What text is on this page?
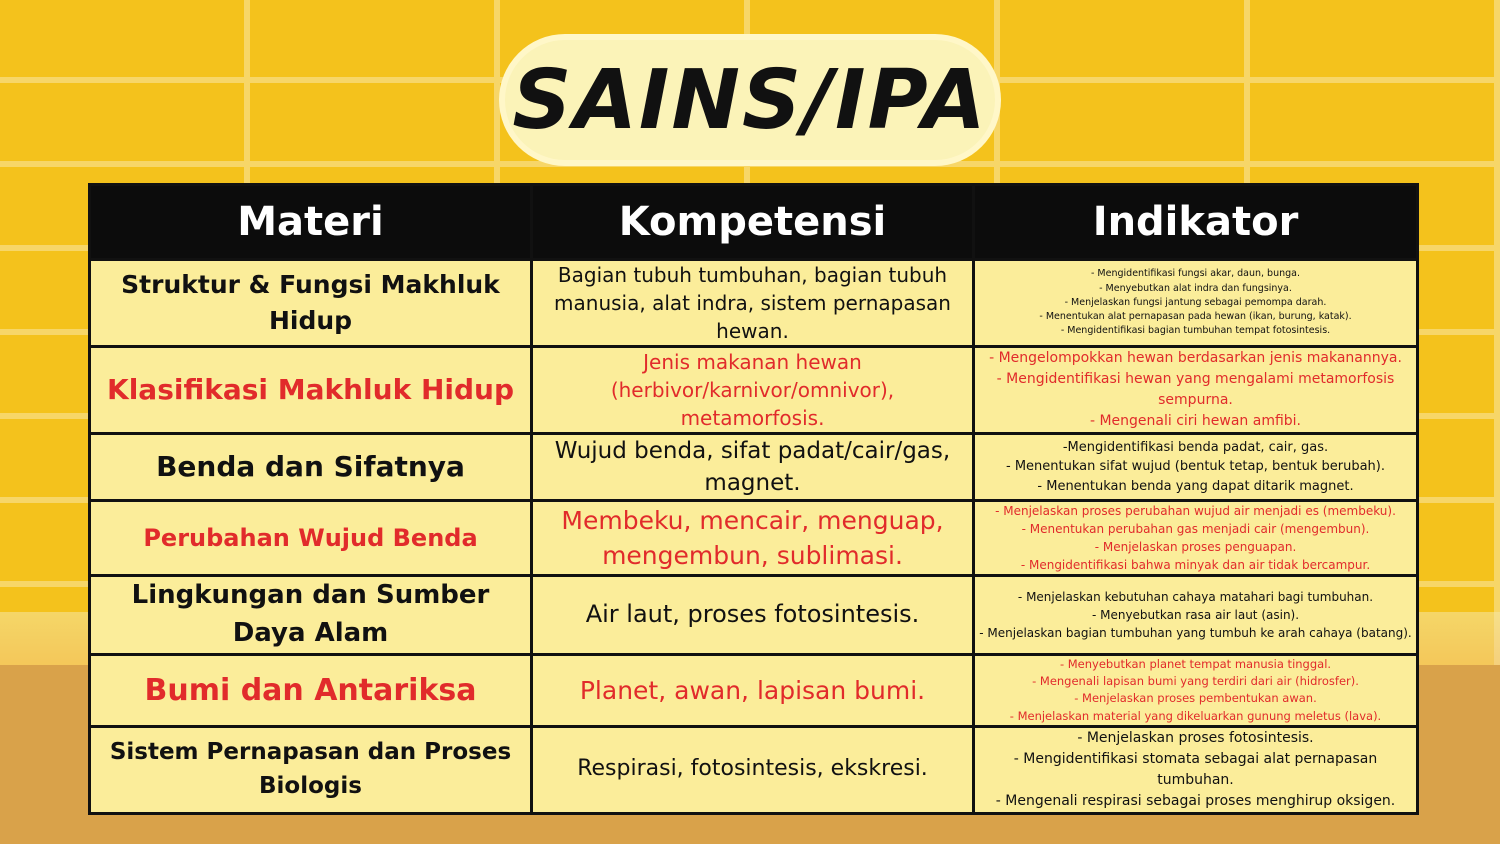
SAINS/IPA
Materi	Kompetensi	Indikator
Struktur & Fungsi Makhluk Hidup	Bagian tubuh tumbuhan, bagian tubuh manusia, alat indra, sistem pernapasan hewan.	- Mengidentifikasi fungsi akar, daun, bunga.
- Menyebutkan alat indra dan fungsinya.
- Menjelaskan fungsi jantung sebagai pemompa darah.
- Menentukan alat pernapasan pada hewan (ikan, burung, katak).
- Mengidentifikasi bagian tumbuhan tempat fotosintesis.

Klasifikasi Makhluk Hidup	Jenis makanan hewan (herbivor/karnivor/omnivor), metamorfosis.	- Mengelompokkan hewan berdasarkan jenis makanannya.
- Mengidentifikasi hewan yang mengalami metamorfosis sempurna.
- Mengenali ciri hewan amfibi.

Benda dan Sifatnya	Wujud benda, sifat padat/cair/gas, magnet.	-Mengidentifikasi benda padat, cair, gas.
- Menentukan sifat wujud (bentuk tetap, bentuk berubah).
- Menentukan benda yang dapat ditarik magnet.

Perubahan Wujud Benda	Membeku, mencair, menguap, mengembun, sublimasi.	- Menjelaskan proses perubahan wujud air menjadi es (membeku).
- Menentukan perubahan gas menjadi cair (mengembun).
- Menjelaskan proses penguapan.
- Mengidentifikasi bahwa minyak dan air tidak bercampur.

Lingkungan dan Sumber Daya Alam	Air laut, proses fotosintesis.	- Menjelaskan kebutuhan cahaya matahari bagi tumbuhan.
- Menyebutkan rasa air laut (asin).
- Menjelaskan bagian tumbuhan yang tumbuh ke arah cahaya (batang).

Bumi dan Antariksa	Planet, awan, lapisan bumi.	- Menyebutkan planet tempat manusia tinggal.
- Mengenali lapisan bumi yang terdiri dari air (hidrosfer).
- Menjelaskan proses pembentukan awan.
- Menjelaskan material yang dikeluarkan gunung meletus (lava).

Sistem Pernapasan dan Proses Biologis	Respirasi, fotosintesis, ekskresi.	- Menjelaskan proses fotosintesis.
- Mengidentifikasi stomata sebagai alat pernapasan tumbuhan.
- Mengenali respirasi sebagai proses menghirup oksigen.
